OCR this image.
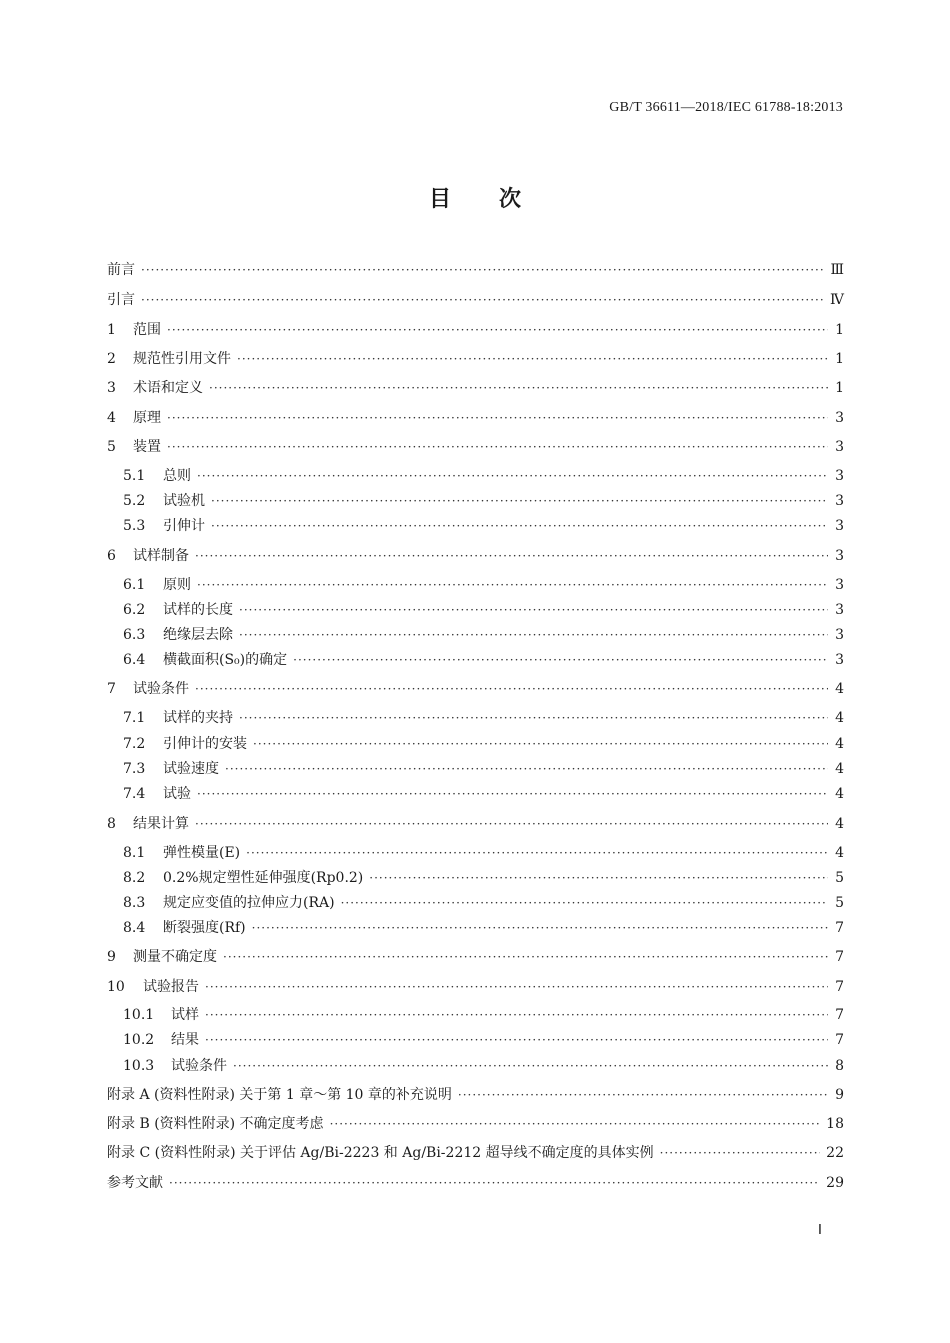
GB/T 36611—2018/IEC 61788-18:2013
目次
前言 ·····	Ⅲ
引言 ·····	Ⅳ
1	范围 ·····	1
2	规范性引用文件 ·····	1
3	术语和定义 ·····	1
4	原理 ·····	3
5	装置 ·····	3
5.1	总则 ·····	3
5.2	试验机 ·····	3
5.3	引伸计 ·····	3
6	试样制备 ·····	3
6.1	原则 ·····	3
6.2	试样的长度 ·····	3
6.3	绝缘层去除 ·····	3
6.4	横截面积(S₀)的确定 ·····	3
7	试验条件 ·····	4
7.1	试样的夹持 ·····	4
7.2	引伸计的安装 ·····	4
7.3	试验速度 ·····	4
7.4	试验 ·····	4
8	结果计算 ·····	4
8.1	弹性模量(E) ·····	4
8.2	0.2%规定塑性延伸强度(Rp0.2) ·····	5
8.3	规定应变值的拉伸应力(RA) ·····	5
8.4	断裂强度(Rf) ·····	7
9	测量不确定度 ·····	7
10	试验报告 ·····	7
10.1	试样 ·····	7
10.2	结果 ·····	7
10.3	试验条件 ·····	8
附录 A (资料性附录) 关于第 1 章～第 10 章的补充说明 ·····	9
附录 B (资料性附录) 不确定度考虑 ·····	18
附录 C (资料性附录) 关于评估 Ag/Bi-2223 和 Ag/Bi-2212 超导线不确定度的具体实例 ·····	22
参考文献 ·····	29
Ⅰ
